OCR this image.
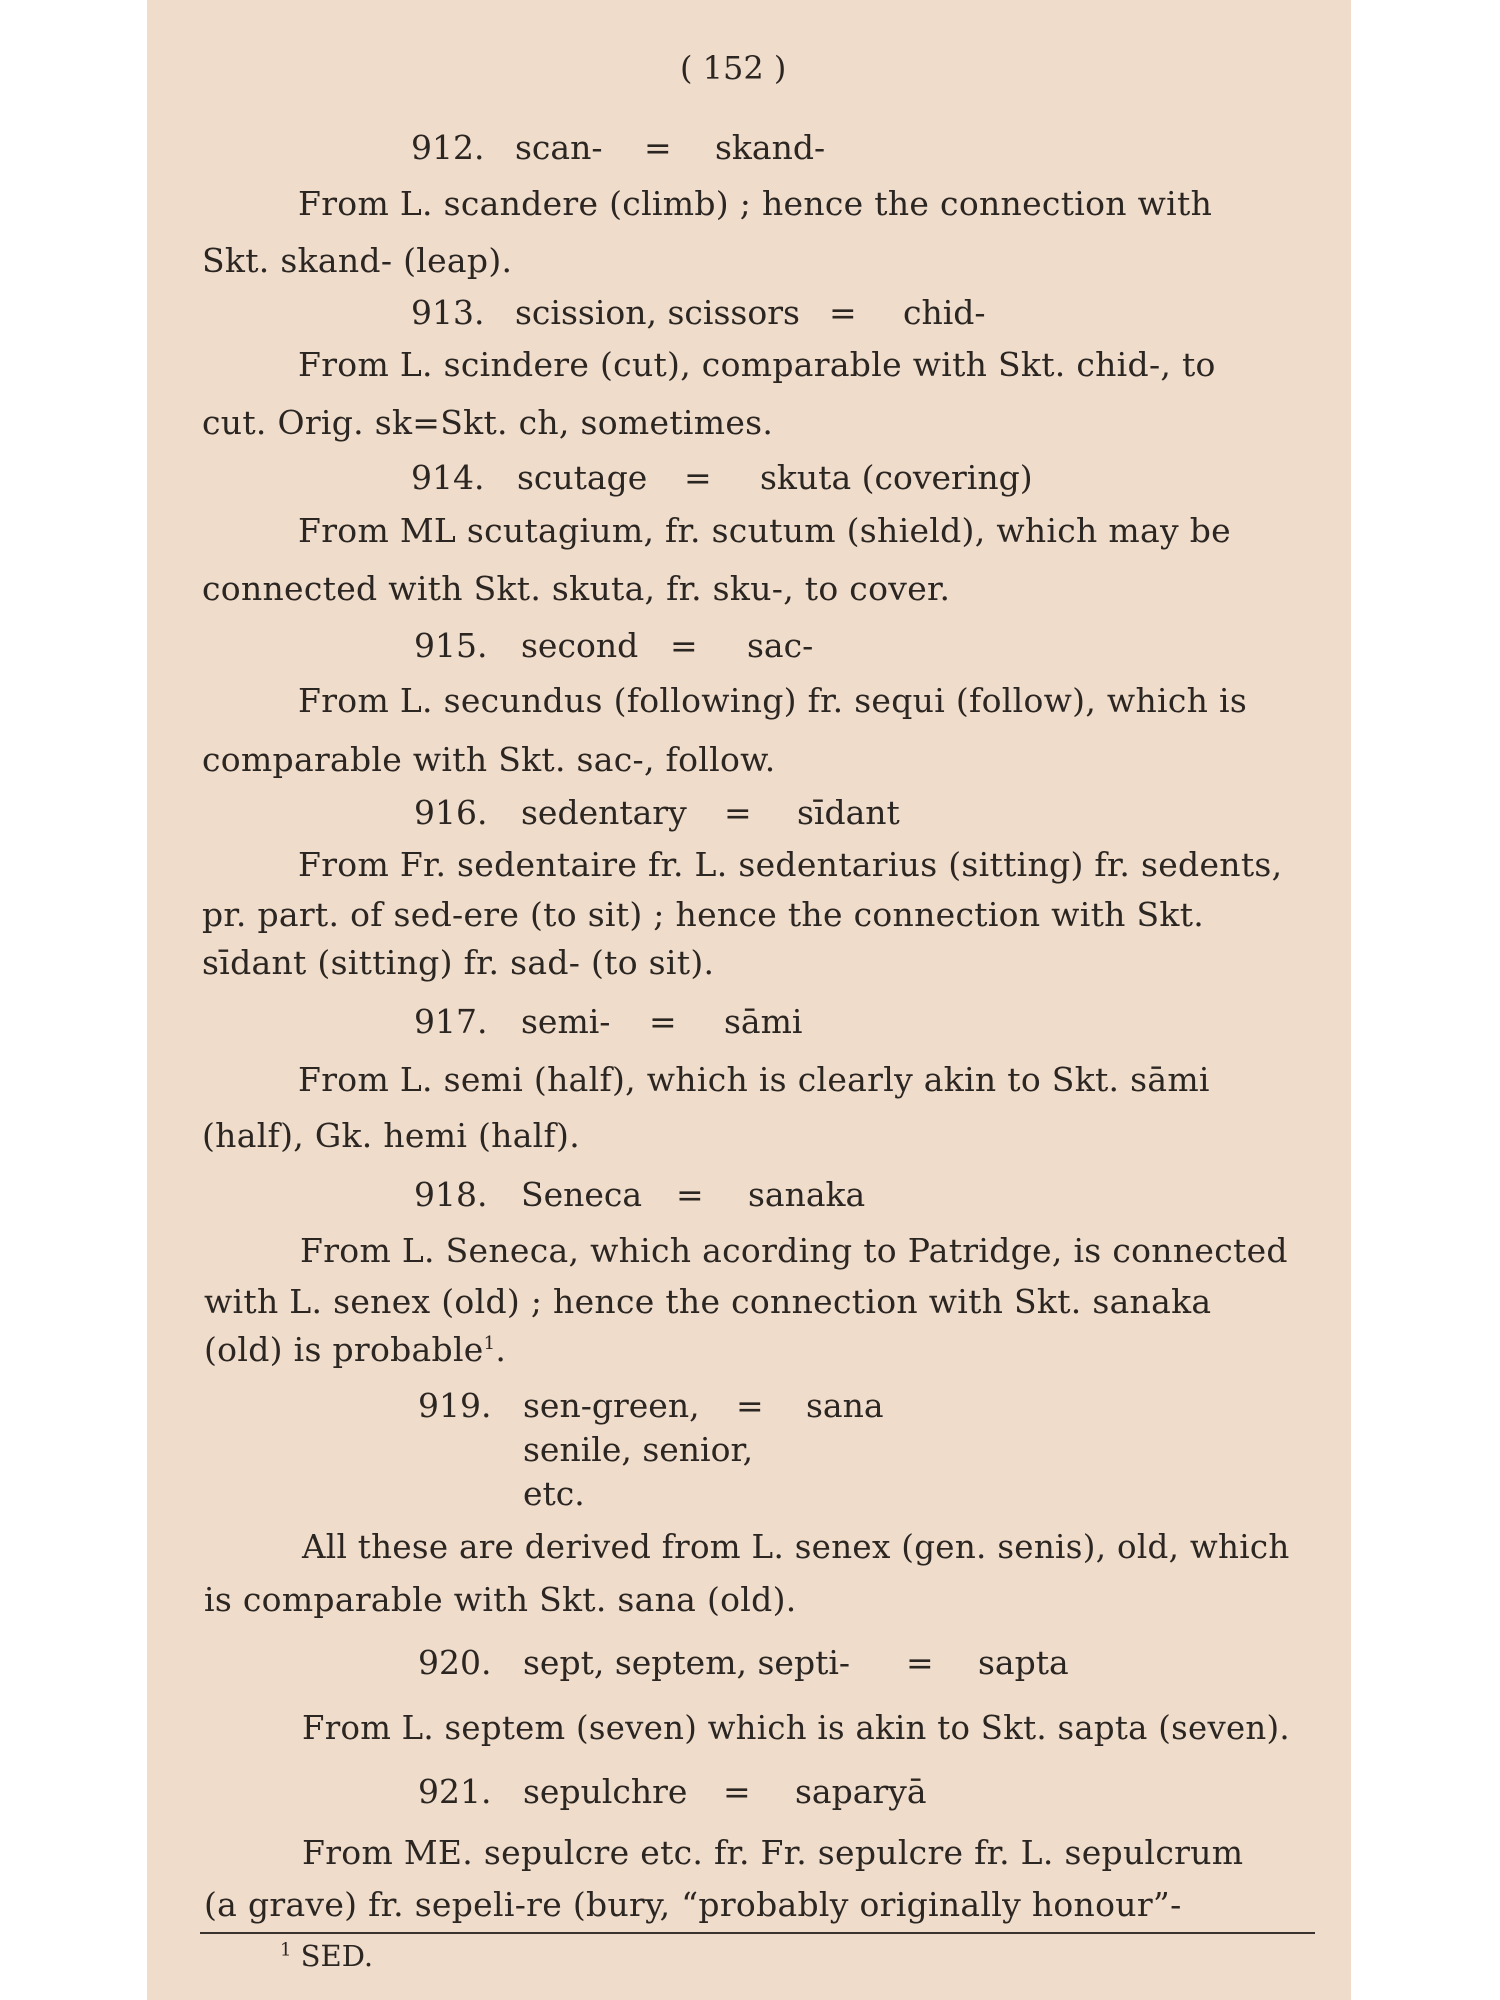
( 152 )
912. scan- = skand-
From L. scandere (climb) ; hence the connection with
Skt. skand- (leap).
913. scission, scissors = chid-
From L. scindere (cut), comparable with Skt. chid-, to
cut. Orig. sk=Skt. ch, sometimes.
914. scutage = skuta (covering)
From ML scutagium, fr. scutum (shield), which may be
connected with Skt. skuta, fr. sku-, to cover.
915. second = sac-
From L. secundus (following) fr. sequi (follow), which is
comparable with Skt. sac-, follow.
916. sedentary = sīdant
From Fr. sedentaire fr. L. sedentarius (sitting) fr. sedents,
pr. part. of sed-ere (to sit) ; hence the connection with Skt.
sīdant (sitting) fr. sad- (to sit).
917. semi- = sāmi
From L. semi (half), which is clearly akin to Skt. sāmi
(half), Gk. hemi (half).
918. Seneca = sanaka
From L. Seneca, which acording to Patridge, is connected
with L. senex (old) ; hence the connection with Skt. sanaka
(old) is probable$^1$.
919. sen-green, = sana
senile, senior,
etc.
All these are derived from L. senex (gen. senis), old, which
is comparable with Skt. sana (old).
920. sept, septem, septi- = sapta
From L. septem (seven) which is akin to Skt. sapta (seven).
921. sepulchre = saparyā
From ME. sepulcre etc. fr. Fr. sepulcre fr. L. sepulcrum
(a grave) fr. sepeli-re (bury, “probably originally honour”-
$^1$ SED.
